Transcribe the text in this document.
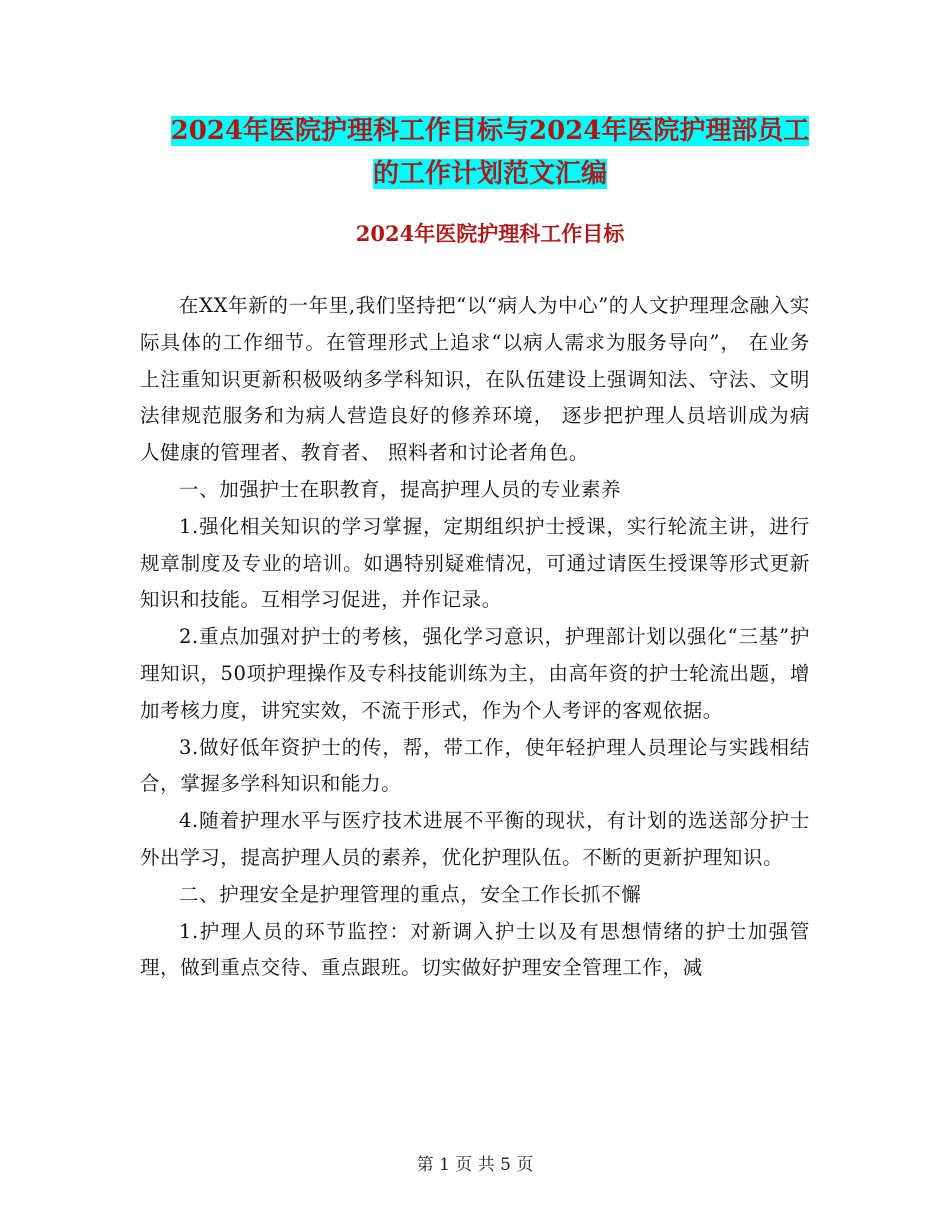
2024年医院护理科工作目标与2024年医院护理部员工
的工作计划范文汇编
2024年医院护理科工作目标

在XX年新的一年里,我们坚持把“以“病人为中心”的人文护理理念融入实际具体的工作细节。在管理形式上追求“以病人需求为服务导向”， 在业务上注重知识更新积极吸纳多学科知识，在队伍建设上强调知法、守法、文明法律规范服务和为病人营造良好的修养环境， 逐步把护理人员培训成为病人健康的管理者、教育者、 照料者和讨论者角色。

一、加强护士在职教育，提高护理人员的专业素养

1.强化相关知识的学习掌握，定期组织护士授课，实行轮流主讲，进行规章制度及专业的培训。如遇特别疑难情况，可通过请医生授课等形式更新知识和技能。互相学习促进，并作记录。

2.重点加强对护士的考核，强化学习意识，护理部计划以强化“三基”护理知识，50项护理操作及专科技能训练为主，由高年资的护士轮流出题，增加考核力度，讲究实效，不流于形式，作为个人考评的客观依据。

3.做好低年资护士的传，帮，带工作，使年轻护理人员理论与实践相结合，掌握多学科知识和能力。

4.随着护理水平与医疗技术进展不平衡的现状，有计划的选送部分护士外出学习，提高护理人员的素养，优化护理队伍。不断的更新护理知识。

二、护理安全是护理管理的重点，安全工作长抓不懈

1.护理人员的环节监控：对新调入护士以及有思想情绪的护士加强管理，做到重点交待、重点跟班。切实做好护理安全管理工作，减

第 1 页 共 5 页
